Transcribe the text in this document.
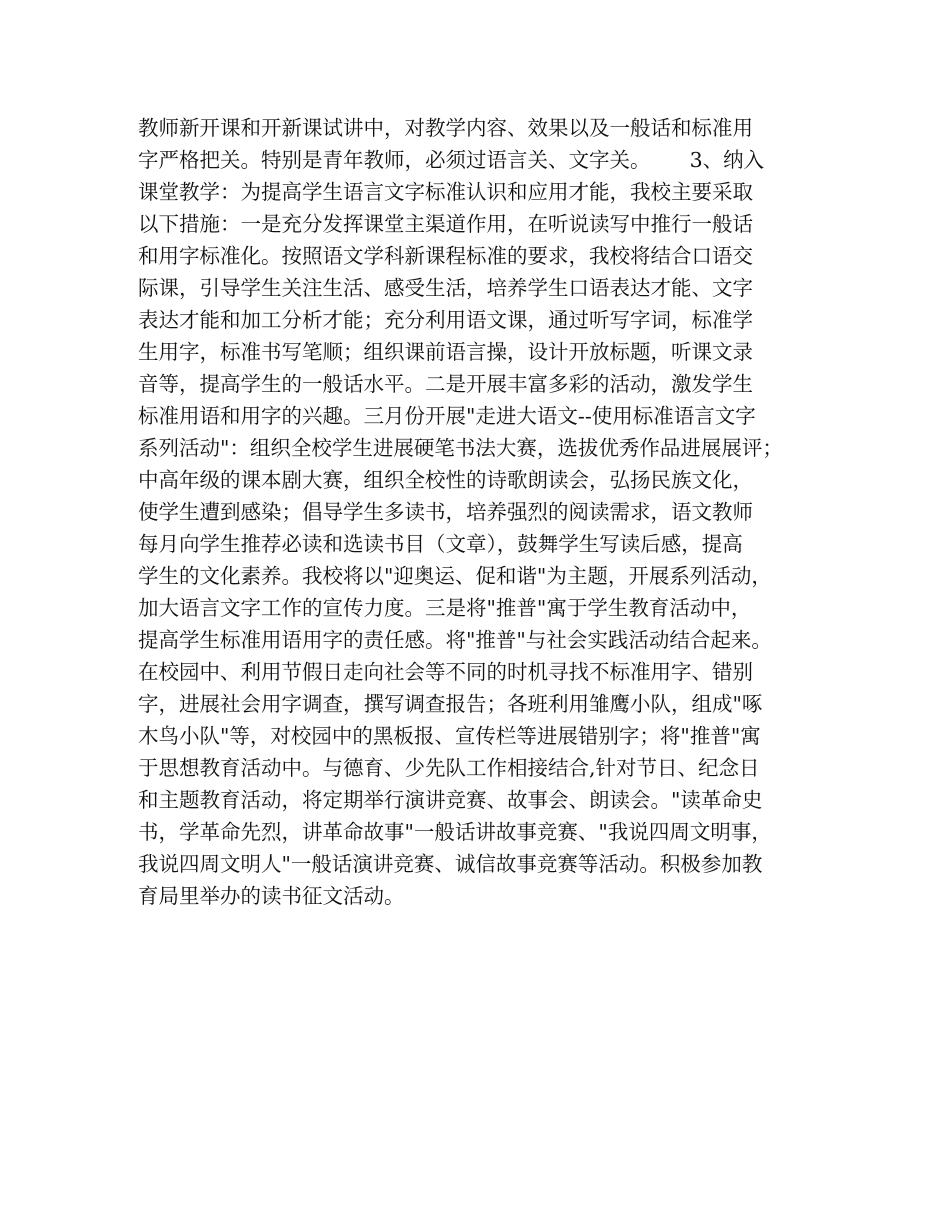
教师新开课和开新课试讲中，对教学内容、效果以及一般话和标准用
字严格把关。特别是青年教师，必须过语言关、文字关。      3、纳入
课堂教学：为提高学生语言文字标准认识和应用才能，我校主要采取
以下措施：一是充分发挥课堂主渠道作用，在听说读写中推行一般话
和用字标准化。按照语文学科新课程标准的要求，我校将结合口语交
际课，引导学生关注生活、感受生活，培养学生口语表达才能、文字
表达才能和加工分析才能；充分利用语文课，通过听写字词，标准学
生用字，标准书写笔顺；组织课前语言操，设计开放标题，听课文录
音等，提高学生的一般话水平。二是开展丰富多彩的活动，激发学生
标准用语和用字的兴趣。三月份开展"走进大语文--使用标准语言文字
系列活动"：组织全校学生进展硬笔书法大赛，选拔优秀作品进展展评；
中高年级的课本剧大赛，组织全校性的诗歌朗读会，弘扬民族文化，
使学生遭到感染；倡导学生多读书，培养强烈的阅读需求，语文教师
每月向学生推荐必读和选读书目（文章），鼓舞学生写读后感，提高
学生的文化素养。我校将以"迎奥运、促和谐"为主题，开展系列活动，
加大语言文字工作的宣传力度。三是将"推普"寓于学生教育活动中，
提高学生标准用语用字的责任感。将"推普"与社会实践活动结合起来。
在校园中、利用节假日走向社会等不同的时机寻找不标准用字、错别
字，进展社会用字调查，撰写调查报告；各班利用雏鹰小队，组成"啄
木鸟小队"等，对校园中的黑板报、宣传栏等进展错别字；将"推普"寓
于思想教育活动中。与德育、少先队工作相接结合,针对节日、纪念日
和主题教育活动，将定期举行演讲竞赛、故事会、朗读会。"读革命史
书，学革命先烈，讲革命故事"一般话讲故事竞赛、"我说四周文明事，
我说四周文明人"一般话演讲竞赛、诚信故事竞赛等活动。积极参加教
育局里举办的读书征文活动。
